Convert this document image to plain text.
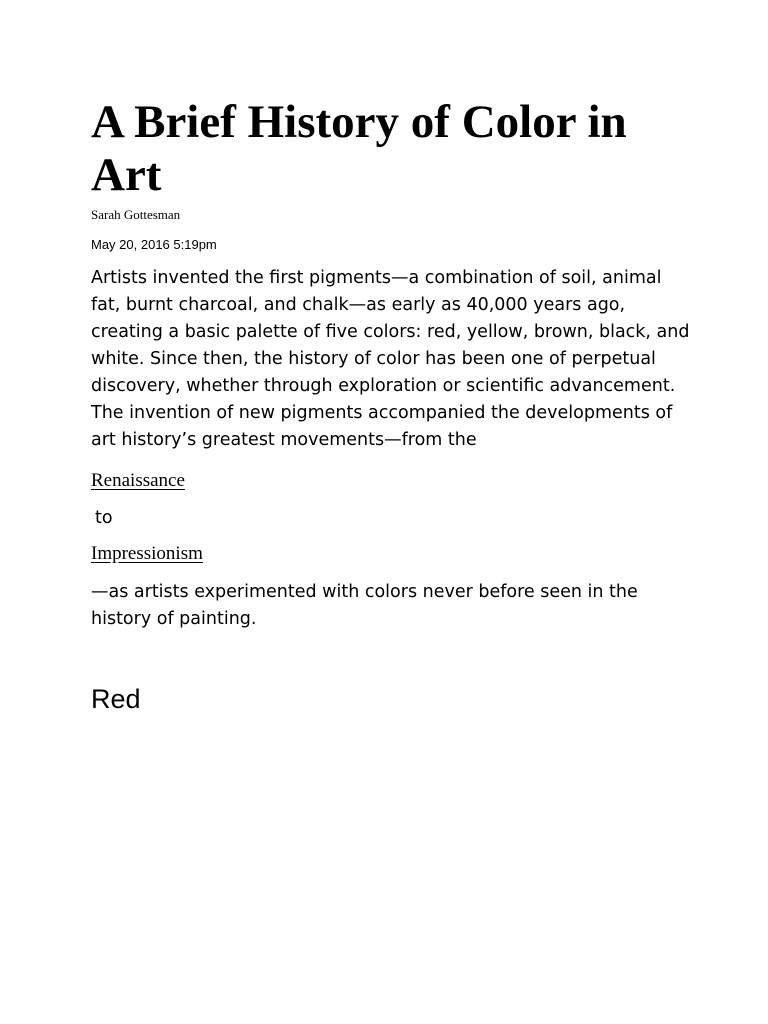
A Brief History of Color in Art
Sarah Gottesman
May 20, 2016 5:19pm

Artists invented the first pigments—a combination of soil, animal fat, burnt charcoal, and chalk—as early as 40,000 years ago, creating a basic palette of five colors: red, yellow, brown, black, and white. Since then, the history of color has been one of perpetual discovery, whether through exploration or scientific advancement. The invention of new pigments accompanied the developments of art history’s greatest movements—from the

Renaissance
to
Impressionism

—as artists experimented with colors never before seen in the history of painting.

Red
